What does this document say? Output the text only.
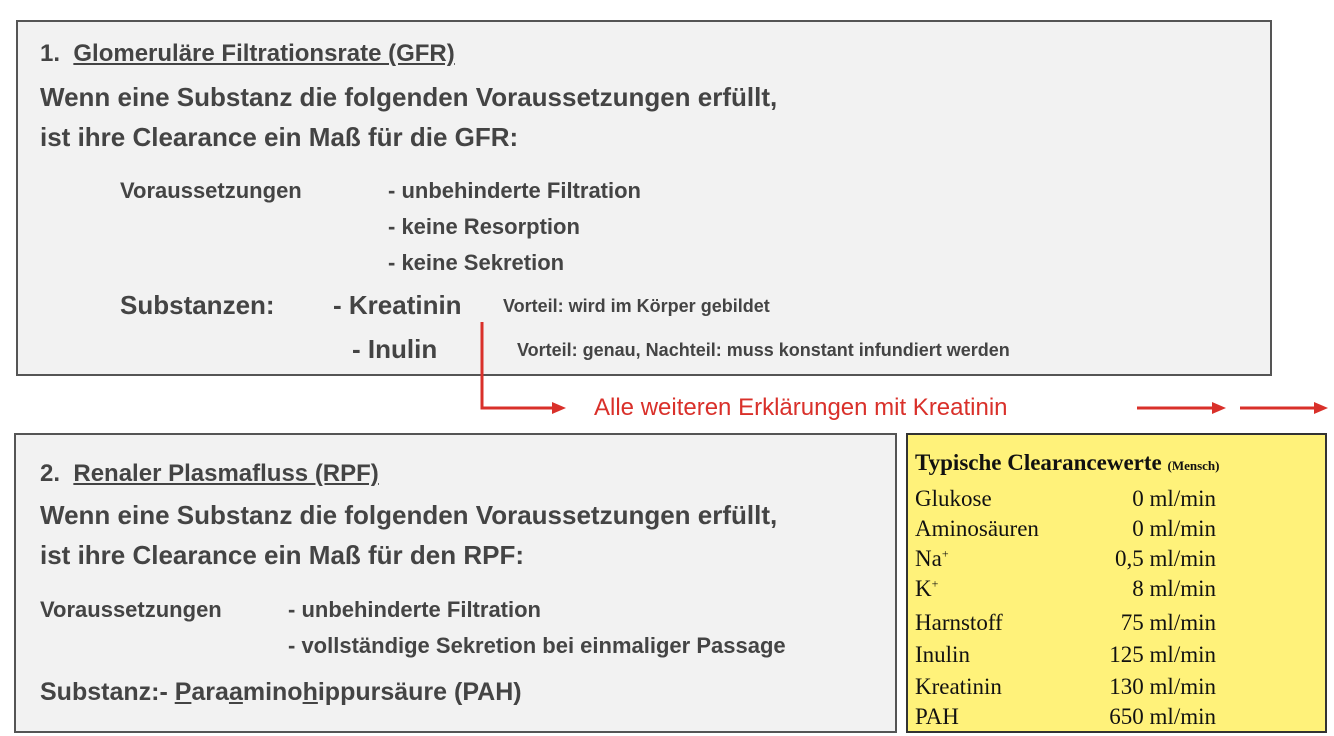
1. Glomeruläre Filtrationsrate (GFR)
Wenn eine Substanz die folgenden Voraussetzungen erfüllt,
ist ihre Clearance ein Maß für die GFR:
Voraussetzungen	- unbehinderte Filtration
- keine Resorption
- keine Sekretion
Substanzen: - Kreatinin Vorteil: wird im Körper gebildet
- Inulin	Vorteil: genau, Nachteil: muss konstant infundiert werden
Alle weiteren Erklärungen mit Kreatinin
2. Renaler Plasmafluss (RPF)
Wenn eine Substanz die folgenden Voraussetzungen erfüllt,
ist ihre Clearance ein Maß für den RPF:
Voraussetzungen	- unbehinderte Filtration
- vollständige Sekretion bei einmaliger Passage
Substanz:- Paraaminohippursäure (PAH)
Typische Clearancewerte (Mensch)
Glukose	0 ml/min
Aminosäuren	0 ml/min
Na+	0,5 ml/min
K+	8 ml/min
Harnstoff	75 ml/min
Inulin	125 ml/min
Kreatinin	130 ml/min
PAH	650 ml/min
